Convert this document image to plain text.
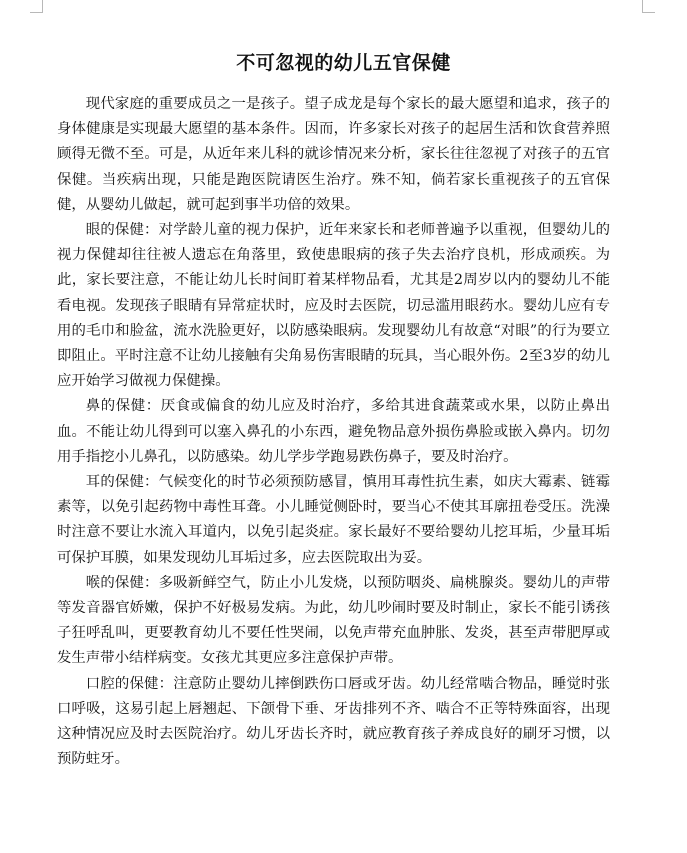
不可忽视的幼儿五官保健

现代家庭的重要成员之一是孩子。望子成龙是每个家长的最大愿望和追求，孩子的身体健康是实现最大愿望的基本条件。因而，许多家长对孩子的起居生活和饮食营养照顾得无微不至。可是，从近年来儿科的就诊情况来分析，家长往往忽视了对孩子的五官保健。当疾病出现，只能是跑医院请医生治疗。殊不知，倘若家长重视孩子的五官保健，从婴幼儿做起，就可起到事半功倍的效果。

眼的保健：对学龄儿童的视力保护，近年来家长和老师普遍予以重视，但婴幼儿的视力保健却往往被人遗忘在角落里，致使患眼病的孩子失去治疗良机，形成顽疾。为此，家长要注意，不能让幼儿长时间盯着某样物品看，尤其是2周岁以内的婴幼儿不能看电视。发现孩子眼睛有异常症状时，应及时去医院，切忌滥用眼药水。婴幼儿应有专用的毛巾和脸盆，流水洗脸更好，以防感染眼病。发现婴幼儿有故意“对眼”的行为要立即阻止。平时注意不让幼儿接触有尖角易伤害眼睛的玩具，当心眼外伤。2至3岁的幼儿应开始学习做视力保健操。

鼻的保健：厌食或偏食的幼儿应及时治疗，多给其进食蔬菜或水果，以防止鼻出血。不能让幼儿得到可以塞入鼻孔的小东西，避免物品意外损伤鼻脸或嵌入鼻内。切勿用手指挖小儿鼻孔，以防感染。幼儿学步学跑易跌伤鼻子，要及时治疗。

耳的保健：气候变化的时节必须预防感冒，慎用耳毒性抗生素，如庆大霉素、链霉素等，以免引起药物中毒性耳聋。小儿睡觉侧卧时，要当心不使其耳廓扭卷受压。洗澡时注意不要让水流入耳道内，以免引起炎症。家长最好不要给婴幼儿挖耳垢，少量耳垢可保护耳膜，如果发现幼儿耳垢过多，应去医院取出为妥。

喉的保健：多吸新鲜空气，防止小儿发烧，以预防咽炎、扁桃腺炎。婴幼儿的声带等发音器官娇嫩，保护不好极易发病。为此，幼儿吵闹时要及时制止，家长不能引诱孩子狂呼乱叫，更要教育幼儿不要任性哭闹，以免声带充血肿胀、发炎，甚至声带肥厚或发生声带小结样病变。女孩尤其更应多注意保护声带。

口腔的保健：注意防止婴幼儿摔倒跌伤口唇或牙齿。幼儿经常啮合物品，睡觉时张口呼吸，这易引起上唇翘起、下颌骨下垂、牙齿排列不齐、啮合不正等特殊面容，出现这种情况应及时去医院治疗。幼儿牙齿长齐时，就应教育孩子养成良好的刷牙习惯，以预防蛀牙。
